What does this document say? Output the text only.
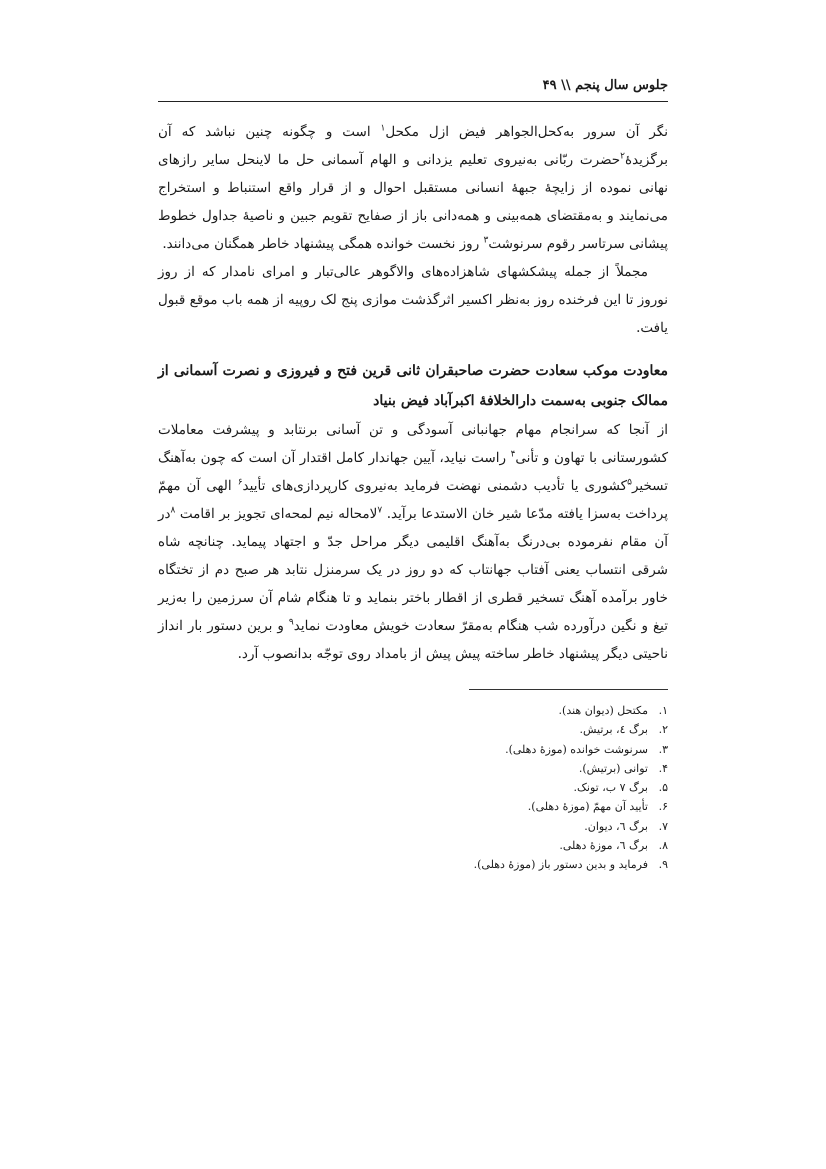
جلوس سال پنجم \\ ۴۹

نگر آن سرور به‌کحل‌الجواهر فیض ازل مکحل$^۱$ است و چگونه چنین نباشد که آن برگزیدهٔ$^۲$حضرت ربّانی به‌نیروی تعلیم یزدانی و الهام آسمانی حل ما لاینحل سایر رازهای نهانی نموده از زایچهٔ جبههٔ انسانی مستقبل احوال و از قرار واقع استنباط و استخراج می‌نمایند و به‌مقتضای همه‌بینی و همه‌دانی باز از صفایح تقویم جبین و ناصیهٔ جداول خطوط پیشانی سرتاسر رقوم سرنوشت$^۳$ روز نخست خوانده همگی پیشنهاد خاطر همگنان می‌دانند.

مجملاً از جمله پیشکشهای شاهزاده‌های والاگوهر عالی‌تبار و امرای نامدار که از روز نوروز تا این فرخنده روز به‌نظر اکسیر اثرگذشت موازی پنج لک روپیه از همه باب موقع قبول یافت.

معاودت موکب سعادت حضرت صاحبقران ثانی قرین فتح و فیروزی و نصرت آسمانی از ممالک جنوبی به‌سمت دارالخلافهٔ اکبرآباد فیض بنیاد

از آنجا که سرانجام مهام جهانبانی آسودگی و تن آسانی برنتابد و پیشرفت معاملات کشورستانی با تهاون و تأنی$^۴$ راست نیاید، آیین جهاندار کامل اقتدار آن است که چون به‌آهنگ تسخیر$^۵$کشوری یا تأدیب دشمنی نهضت فرماید به‌نیروی کارپردازی‌های تأیید$^۶$ الهی آن مهمّ پرداخت به‌سزا یافته مدّعا شیر خان الاستدعا برآید. $^۷$لامحاله نیم لمحه‌ای تجویز بر اقامت $^۸$در آن مقام نفرموده بی‌درنگ به‌آهنگ اقلیمی دیگر مراحل جدّ و اجتهاد پیماید. چنانچه شاه شرقی انتساب یعنی آفتاب جهانتاب که دو روز در یک سرمنزل نتابد هر صبح دم از تختگاه خاور برآمده آهنگ تسخیر قطری از اقطار باختر بنماید و تا هنگام شام آن سرزمین را به‌زیر تیغ و نگین درآورده شب هنگام به‌مقرّ سعادت خویش معاودت نماید$^۹$ و برین دستور بار انداز ناحیتی دیگر پیشنهاد خاطر ساخته پیش پیش از بامداد روی توجّه بدانصوب آرد.

۱.مکتحل (دیوان هند).
۲.برگ ٤، برتیش.
۳.سرنوشت خوانده (موزهٔ دهلی).
۴.توانی (برتیش).
۵.برگ ۷ ب، تونک.
۶.تأیید آن مهمّ (موزهٔ دهلی).
۷.برگ ٦، دیوان.
۸.برگ ٦، موزهٔ دهلی.
۹.فرماید و بدین دستور باز (موزهٔ دهلی).
